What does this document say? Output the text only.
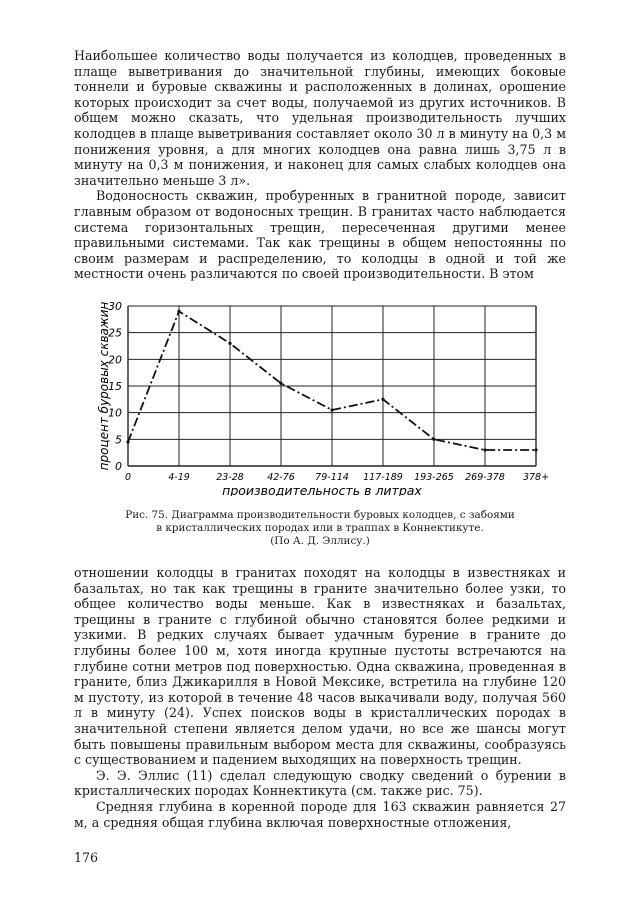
Наибольшее количество воды получается из колодцев, проведенных в плаще выветривания до значительной глубины, имеющих боковые тоннели и буровые скважины и расположенных в долинах, орошение которых происходит за счет воды, получаемой из других источников. В общем можно сказать, что удельная производительность лучших колодцев в плаще выветривания составляет около 30 л в минуту на 0,3 м понижения уровня, а для многих колодцев она равна лишь 3,75 л в минуту на 0,3 м понижения, и наконец для самых слабых колодцев она значительно меньше 3 л».

Водоносность скважин, пробуренных в гранитной породе, зависит главным образом от водоносных трещин. В гранитах часто наблюдается система горизонтальных трещин, пересеченная другими менее правильными системами. Так как трещины в общем непостоянны по своим размерам и распределению, то колодцы в одной и той же местности очень различаются по своей производительности. В этом

0
5
10
15
20
25
30
0	4-19	23-28 42-76 79-114 117-189 193-265 269-378 378+
производительность в литрах
процент буровых скважин
Рис. 75. Диаграмма производительности буровых колодцев, с забоями
в кристаллических породах или в траппах в Коннектикуте.
(По А. Д. Эллису.)

отношении колодцы в гранитах походят на колодцы в известняках и базальтах, но так как трещины в граните значительно более узки, то общее количество воды меньше. Как в известняках и базальтах, трещины в граните с глубиной обычно становятся более редкими и узкими. В редких случаях бывает удачным бурение в граните до глубины более 100 м, хотя иногда крупные пустоты встречаются на глубине сотни метров под поверхностью. Одна скважина, проведенная в граните, близ Джикарилля в Новой Мексике, встретила на глубине 120 м пустоту, из которой в течение 48 часов выкачивали воду, получая 560 л в минуту (24). Успех поисков воды в кристаллических породах в значительной степени является делом удачи, но все же шансы могут быть повышены правильным выбором места для скважины, сообразуясь с существованием и падением выходящих на поверхность трещин.

Э. Э. Эллис (11) сделал следующую сводку сведений о бурении в кристаллических породах Коннектикута (см. также рис. 75).

Средняя глубина в коренной породе для 163 скважин равняется 27 м, а средняя общая глубина включая поверхностные отложения,

176
